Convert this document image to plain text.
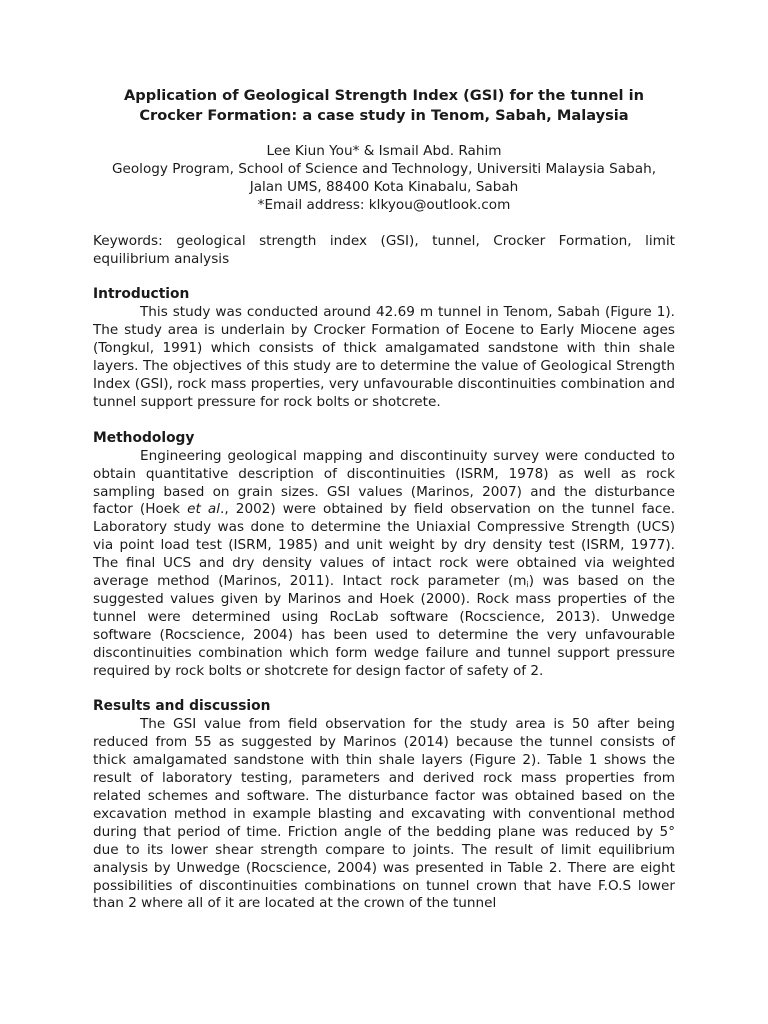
Application of Geological Strength Index (GSI) for the tunnel in
Crocker Formation: a case study in Tenom, Sabah, Malaysia
Lee Kiun You* & Ismail Abd. Rahim
Geology Program, School of Science and Technology, Universiti Malaysia Sabah,
Jalan UMS, 88400 Kota Kinabalu, Sabah
*Email address: klkyou@outlook.com
Keywords: geological strength index (GSI), tunnel, Crocker Formation, limit equilibrium analysis
Introduction

This study was conducted around 42.69 m tunnel in Tenom, Sabah (Figure 1). The study area is underlain by Crocker Formation of Eocene to Early Miocene ages (Tongkul, 1991) which consists of thick amalgamated sandstone with thin shale layers. The objectives of this study are to determine the value of Geological Strength Index (GSI), rock mass properties, very unfavourable discontinuities combination and tunnel support pressure for rock bolts or shotcrete.

Methodology

Engineering geological mapping and discontinuity survey were conducted to obtain quantitative description of discontinuities (ISRM, 1978) as well as rock sampling based on grain sizes. GSI values (Marinos, 2007) and the disturbance factor (Hoek et al., 2002) were obtained by field observation on the tunnel face. Laboratory study was done to determine the Uniaxial Compressive Strength (UCS) via point load test (ISRM, 1985) and unit weight by dry density test (ISRM, 1977). The final UCS and dry density values of intact rock were obtained via weighted average method (Marinos, 2011). Intact rock parameter $(m_i)$ was based on the suggested values given by Marinos and Hoek (2000). Rock mass properties of the tunnel were determined using RocLab software (Rocscience, 2013). Unwedge software (Rocscience, 2004) has been used to determine the very unfavourable discontinuities combination which form wedge failure and tunnel support pressure required by rock bolts or shotcrete for design factor of safety of 2.

Results and discussion

The GSI value from field observation for the study area is 50 after being reduced from 55 as suggested by Marinos (2014) because the tunnel consists of thick amalgamated sandstone with thin shale layers (Figure 2). Table 1 shows the result of laboratory testing, parameters and derived rock mass properties from related schemes and software. The disturbance factor was obtained based on the excavation method in example blasting and excavating with conventional method during that period of time. Friction angle of the bedding plane was reduced by 5° due to its lower shear strength compare to joints. The result of limit equilibrium analysis by Unwedge (Rocscience, 2004) was presented in Table 2. There are eight possibilities of discontinuities combinations on tunnel crown that have F.O.S lower than 2 where all of it are located at the crown of the tunnel
